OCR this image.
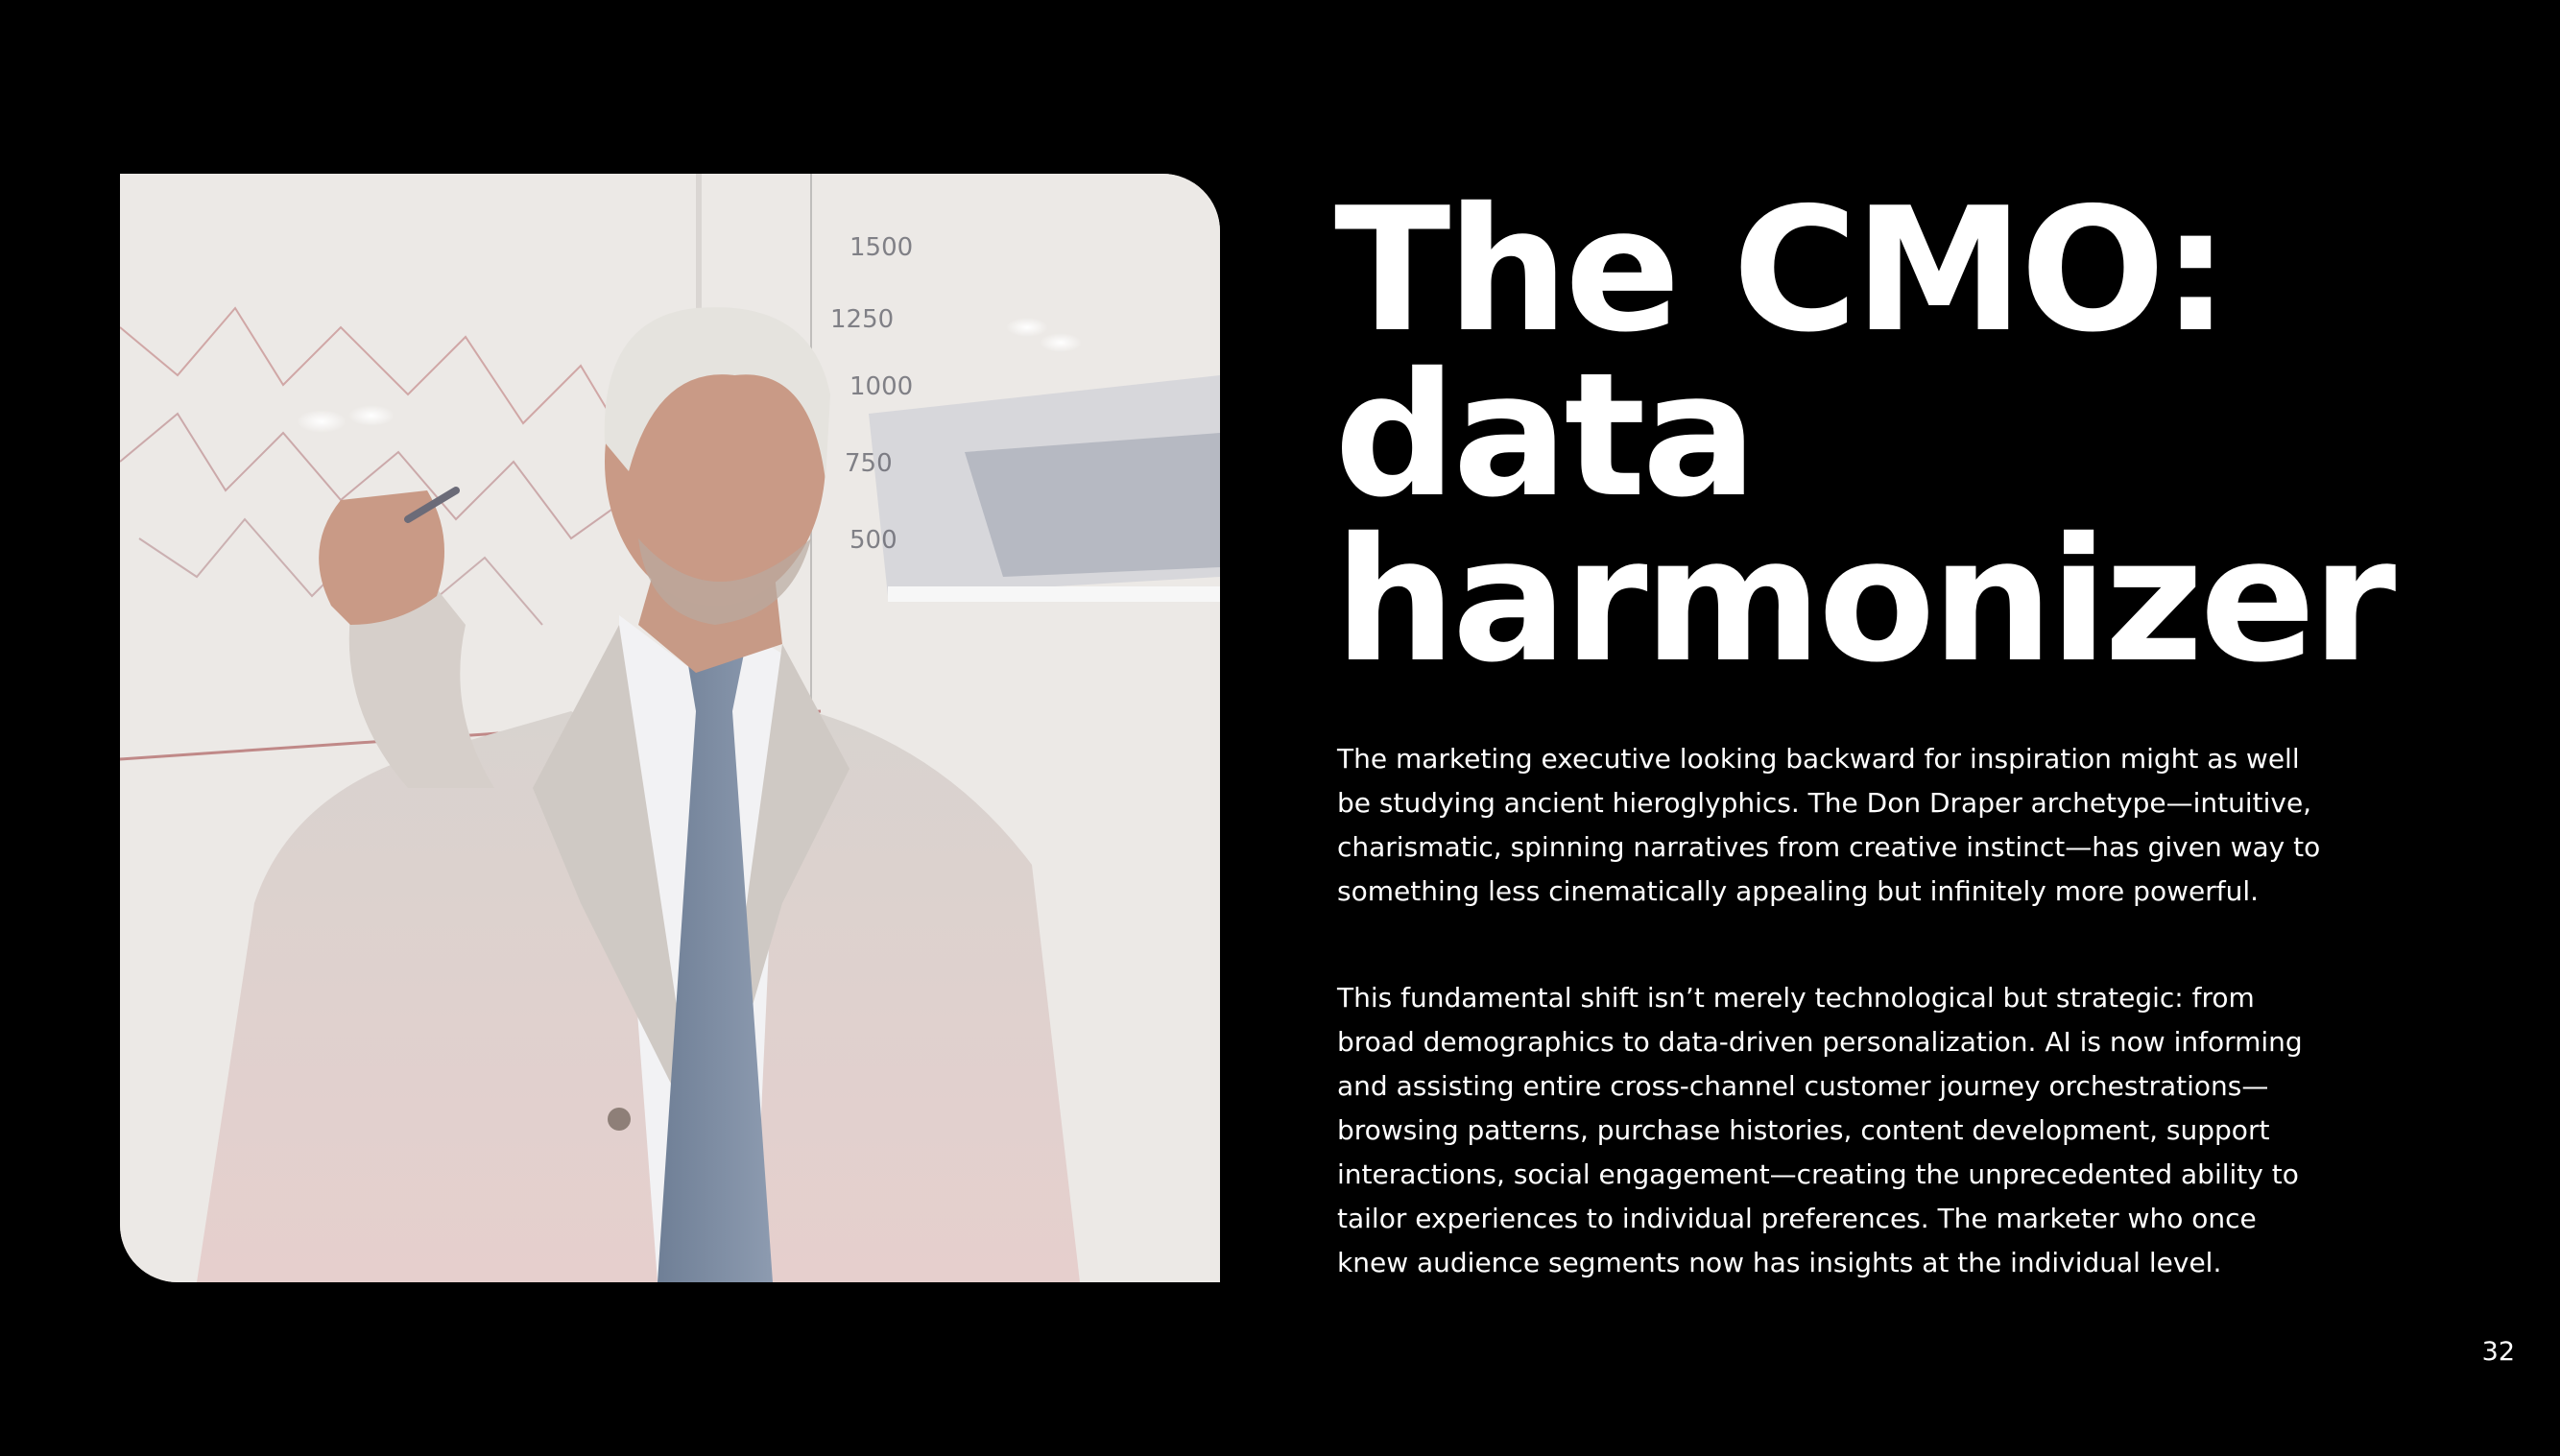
1500
1250
1000
750
500
The CMO:
data
harmonizer

The marketing executive looking backward for inspiration might as well be studying ancient hieroglyphics. The Don Draper archetype—intuitive, charismatic, spinning narratives from creative instinct—has given way to something less cinematically appealing but infinitely more powerful.

This fundamental shift isn’t merely technological but strategic: from broad demographics to data-driven personalization. AI is now informing and assisting entire cross-channel customer journey orchestrations—browsing patterns, purchase histories, content development, support interactions, social engagement—creating the unprecedented ability to tailor experiences to individual preferences. The marketer who once knew audience segments now has insights at the individual level.

32
